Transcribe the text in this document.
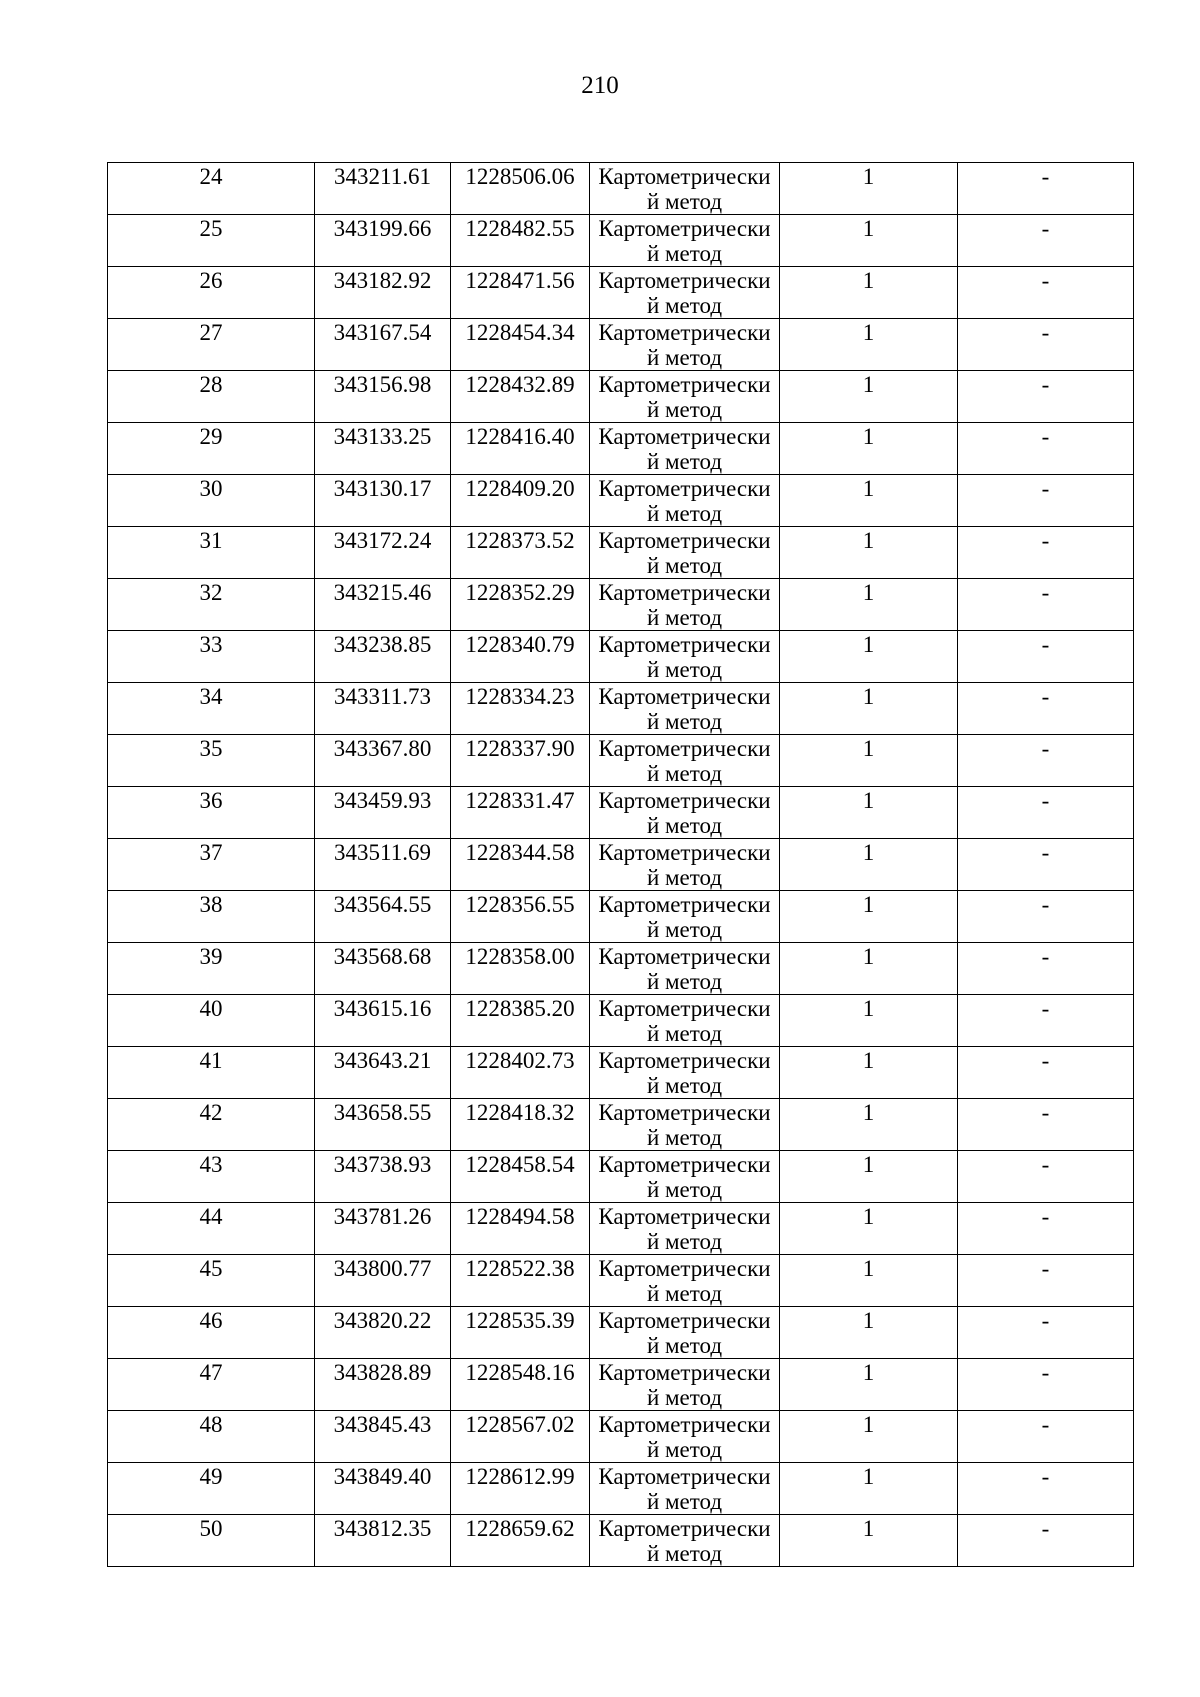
210
24	343211.61	1228506.06	Картометрически
й метод	1	-

25	343199.66	1228482.55	Картометрически
й метод	1	-

26	343182.92	1228471.56	Картометрически
й метод	1	-

27	343167.54	1228454.34	Картометрически
й метод	1	-

28	343156.98	1228432.89	Картометрически
й метод	1	-

29	343133.25	1228416.40	Картометрически
й метод	1	-

30	343130.17	1228409.20	Картометрически
й метод	1	-

31	343172.24	1228373.52	Картометрически
й метод	1	-

32	343215.46	1228352.29	Картометрически
й метод	1	-

33	343238.85	1228340.79	Картометрически
й метод	1	-

34	343311.73	1228334.23	Картометрически
й метод	1	-

35	343367.80	1228337.90	Картометрически
й метод	1	-

36	343459.93	1228331.47	Картометрически
й метод	1	-

37	343511.69	1228344.58	Картометрически
й метод	1	-

38	343564.55	1228356.55	Картометрически
й метод	1	-

39	343568.68	1228358.00	Картометрически
й метод	1	-

40	343615.16	1228385.20	Картометрически
й метод	1	-

41	343643.21	1228402.73	Картометрически
й метод	1	-

42	343658.55	1228418.32	Картометрически
й метод	1	-

43	343738.93	1228458.54	Картометрически
й метод	1	-

44	343781.26	1228494.58	Картометрически
й метод	1	-

45	343800.77	1228522.38	Картометрически
й метод	1	-

46	343820.22	1228535.39	Картометрически
й метод	1	-

47	343828.89	1228548.16	Картометрически
й метод	1	-

48	343845.43	1228567.02	Картометрически
й метод	1	-

49	343849.40	1228612.99	Картометрически
й метод	1	-

50	343812.35	1228659.62	Картометрически
й метод	1	-
